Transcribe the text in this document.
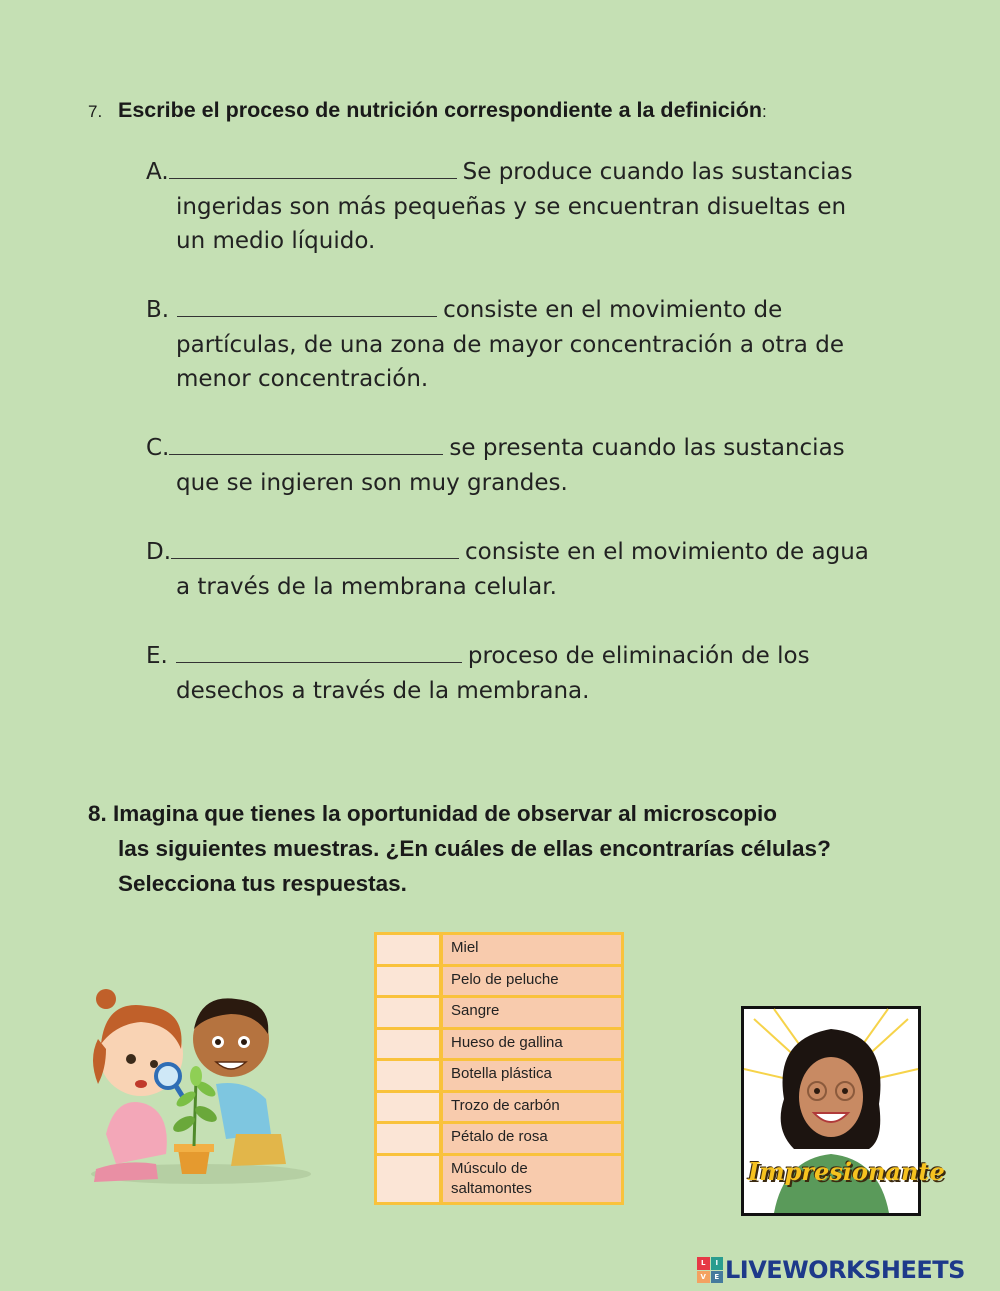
7. Escribe el proceso de nutrición correspondiente a la definición:
A.	Se produce cuando las sustancias
ingeridas son más pequeñas y se encuentran disueltas en
un medio líquido.
B.	consiste en el movimiento de
partículas, de una zona de mayor concentración a otra de
menor concentración.
C.	se presenta cuando las sustancias
que se ingieren son muy grandes.
D.	consiste en el movimiento de agua
a través de la membrana celular.
E.	proceso de eliminación de los
desechos a través de la membrana.
8. Imagina que tienes la oportunidad de observar al microscopio
las siguientes muestras. ¿En cuáles de ellas encontrarías células?
Selecciona tus respuestas.
Miel
Pelo de peluche
Sangre
Hueso de gallina
Botella plástica
Trozo de carbón
Pétalo de rosa
Músculo de
saltamontes
Impresionante
L	I
V	E LIVEWORKSHEETS
